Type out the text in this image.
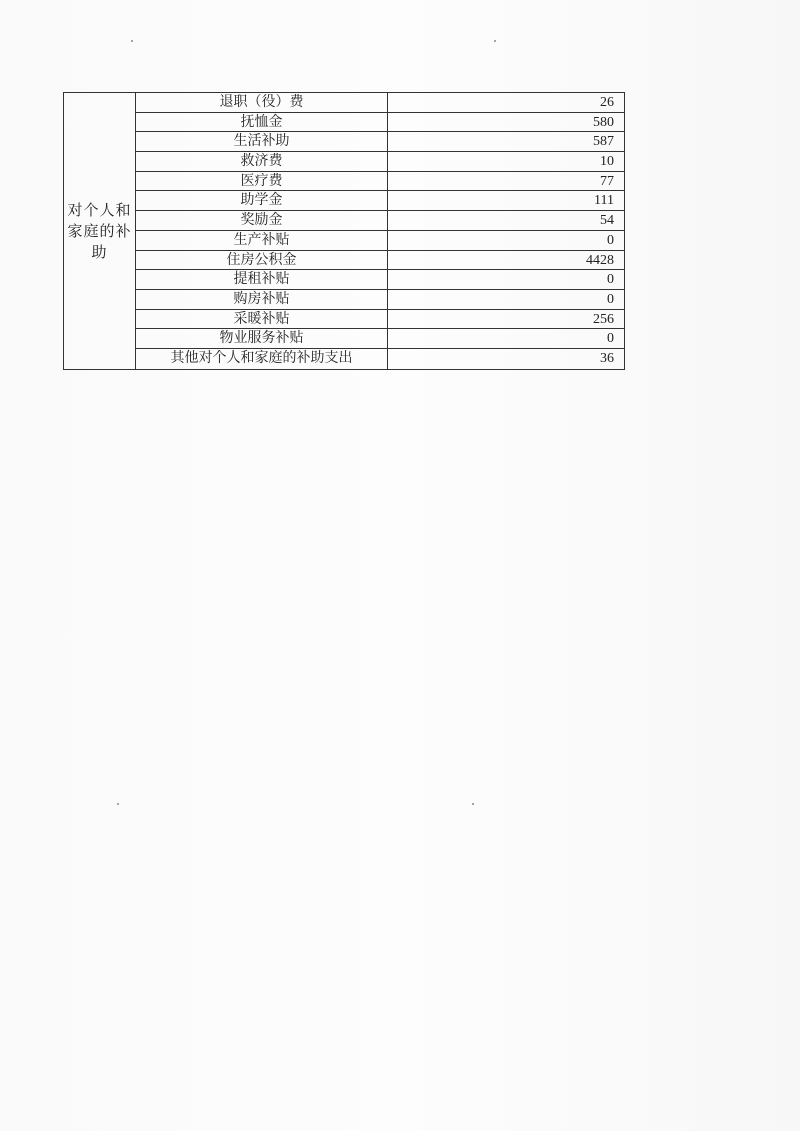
对个人和家庭的补助
退职（役）费	26
抚恤金	580
生活补助	587
救济费	10
医疗费	77
助学金	111
奖励金	54
生产补贴	0
住房公积金	4428
提租补贴	0
购房补贴	0
采暖补贴	256
物业服务补贴	0
其他对个人和家庭的补助支出	36
